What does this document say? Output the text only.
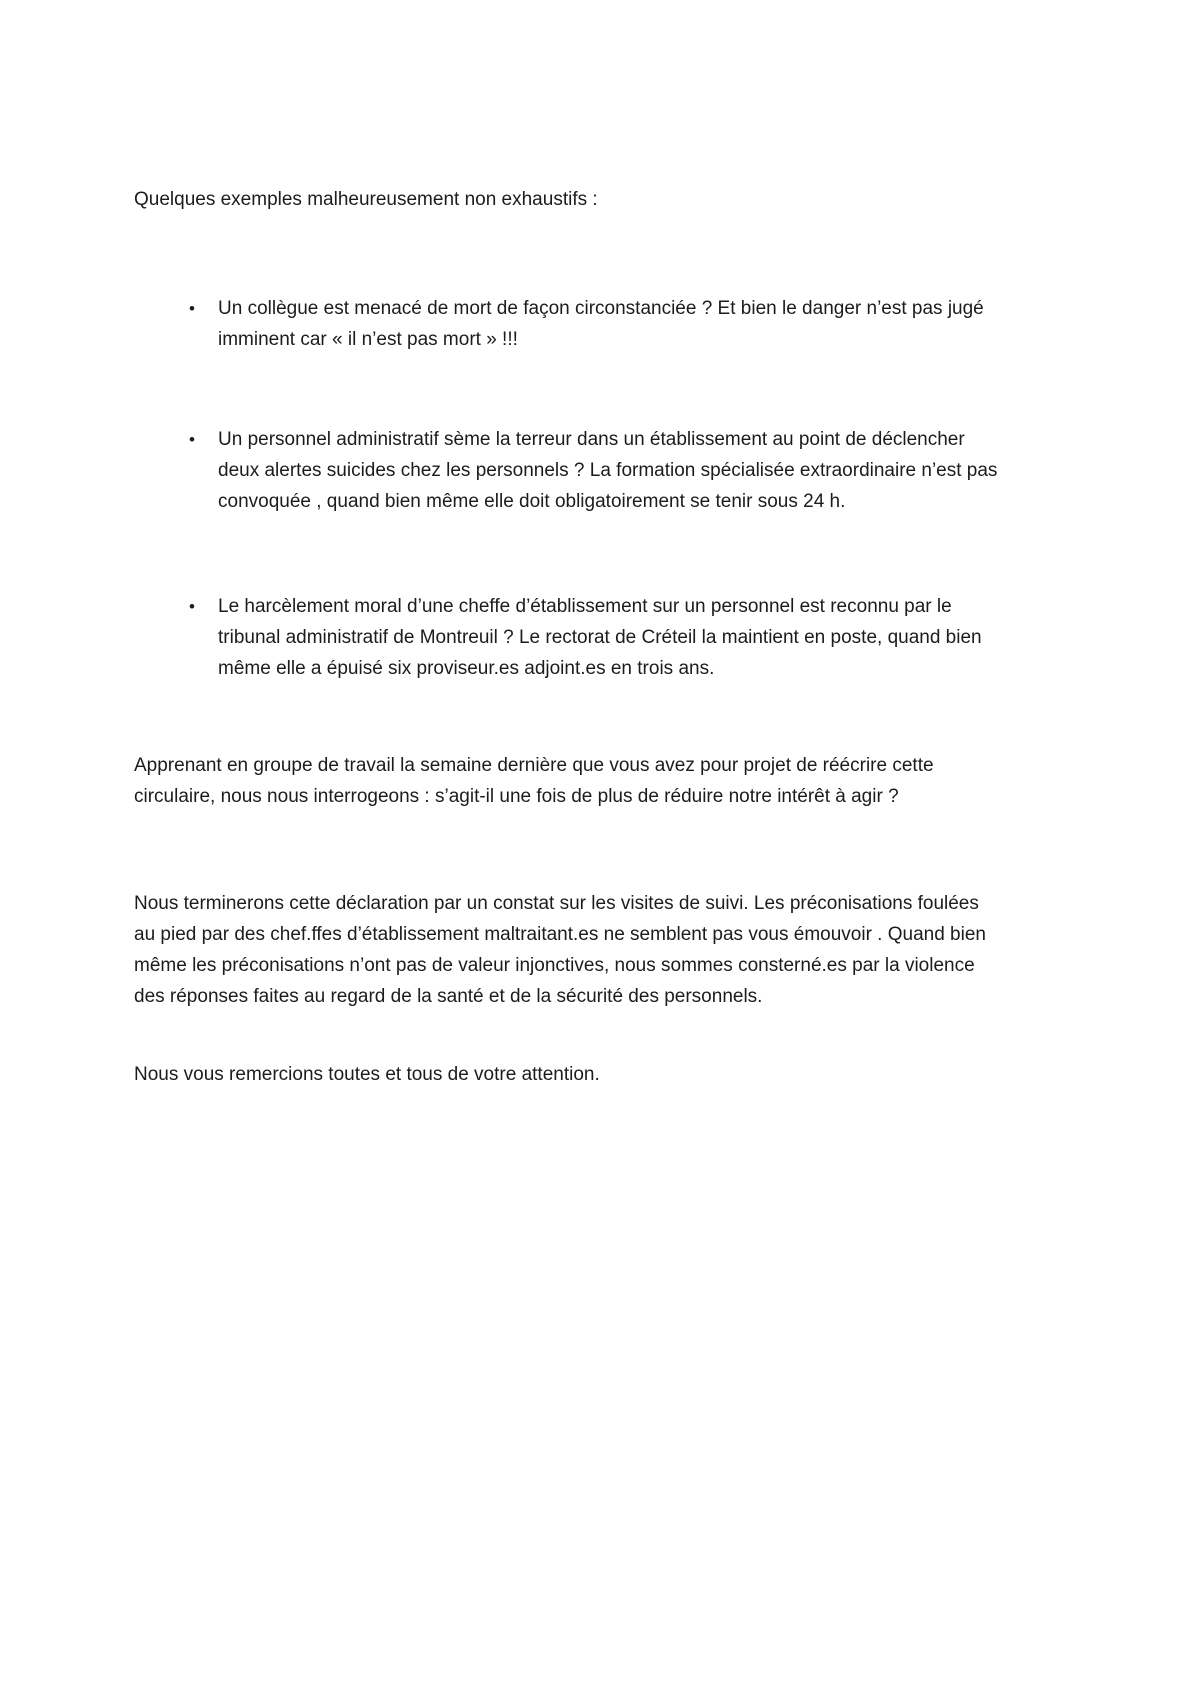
Quelques exemples malheureusement non exhaustifs :
•	Un collègue est menacé de mort de façon circonstanciée ? Et bien le danger n’est pas jugé
imminent car « il n’est pas mort » !!!
•	Un personnel administratif sème la terreur dans un établissement au point de déclencher
deux alertes suicides chez les personnels ? La formation spécialisée extraordinaire n’est pas
convoquée , quand bien même elle doit obligatoirement se tenir sous 24 h.
•	Le harcèlement moral d’une cheffe d’établissement sur un personnel est reconnu par le
tribunal administratif de Montreuil ? Le rectorat de Créteil la maintient en poste, quand bien
même elle a épuisé six proviseur.es adjoint.es en trois ans.
Apprenant en groupe de travail la semaine dernière que vous avez pour projet de réécrire cette
circulaire, nous nous interrogeons : s’agit-il une fois de plus de réduire notre intérêt à agir ?
Nous terminerons cette déclaration par un constat sur les visites de suivi. Les préconisations foulées
au pied par des chef.ffes d’établissement maltraitant.es ne semblent pas vous émouvoir . Quand bien
même les préconisations n’ont pas de valeur injonctives, nous sommes consterné.es par la violence
des réponses faites au regard de la santé et de la sécurité des personnels.
Nous vous remercions toutes et tous de votre attention.
